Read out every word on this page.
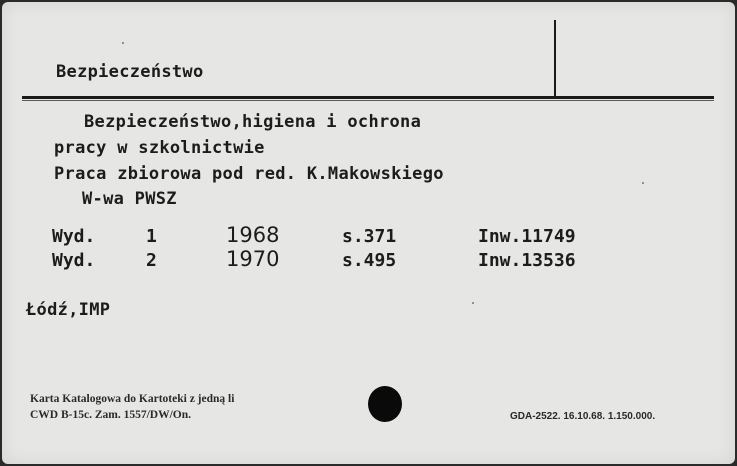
Bezpieczeństwo
Bezpieczeństwo,higiena i ochrona
pracy w szkolnictwie
Praca zbiorowa pod red. K.Makowskiego
W-wa PWSZ
Wyd.	1	1968	s.371	Inw.11749
Wyd.	2	1970	s.495	Inw.13536
Łódź,IMP
Karta Katalogowa do Kartoteki z jedną li
CWD B-15c. Zam. 1557/DW/On.	GDA-2522. 16.10.68. 1.150.000.
